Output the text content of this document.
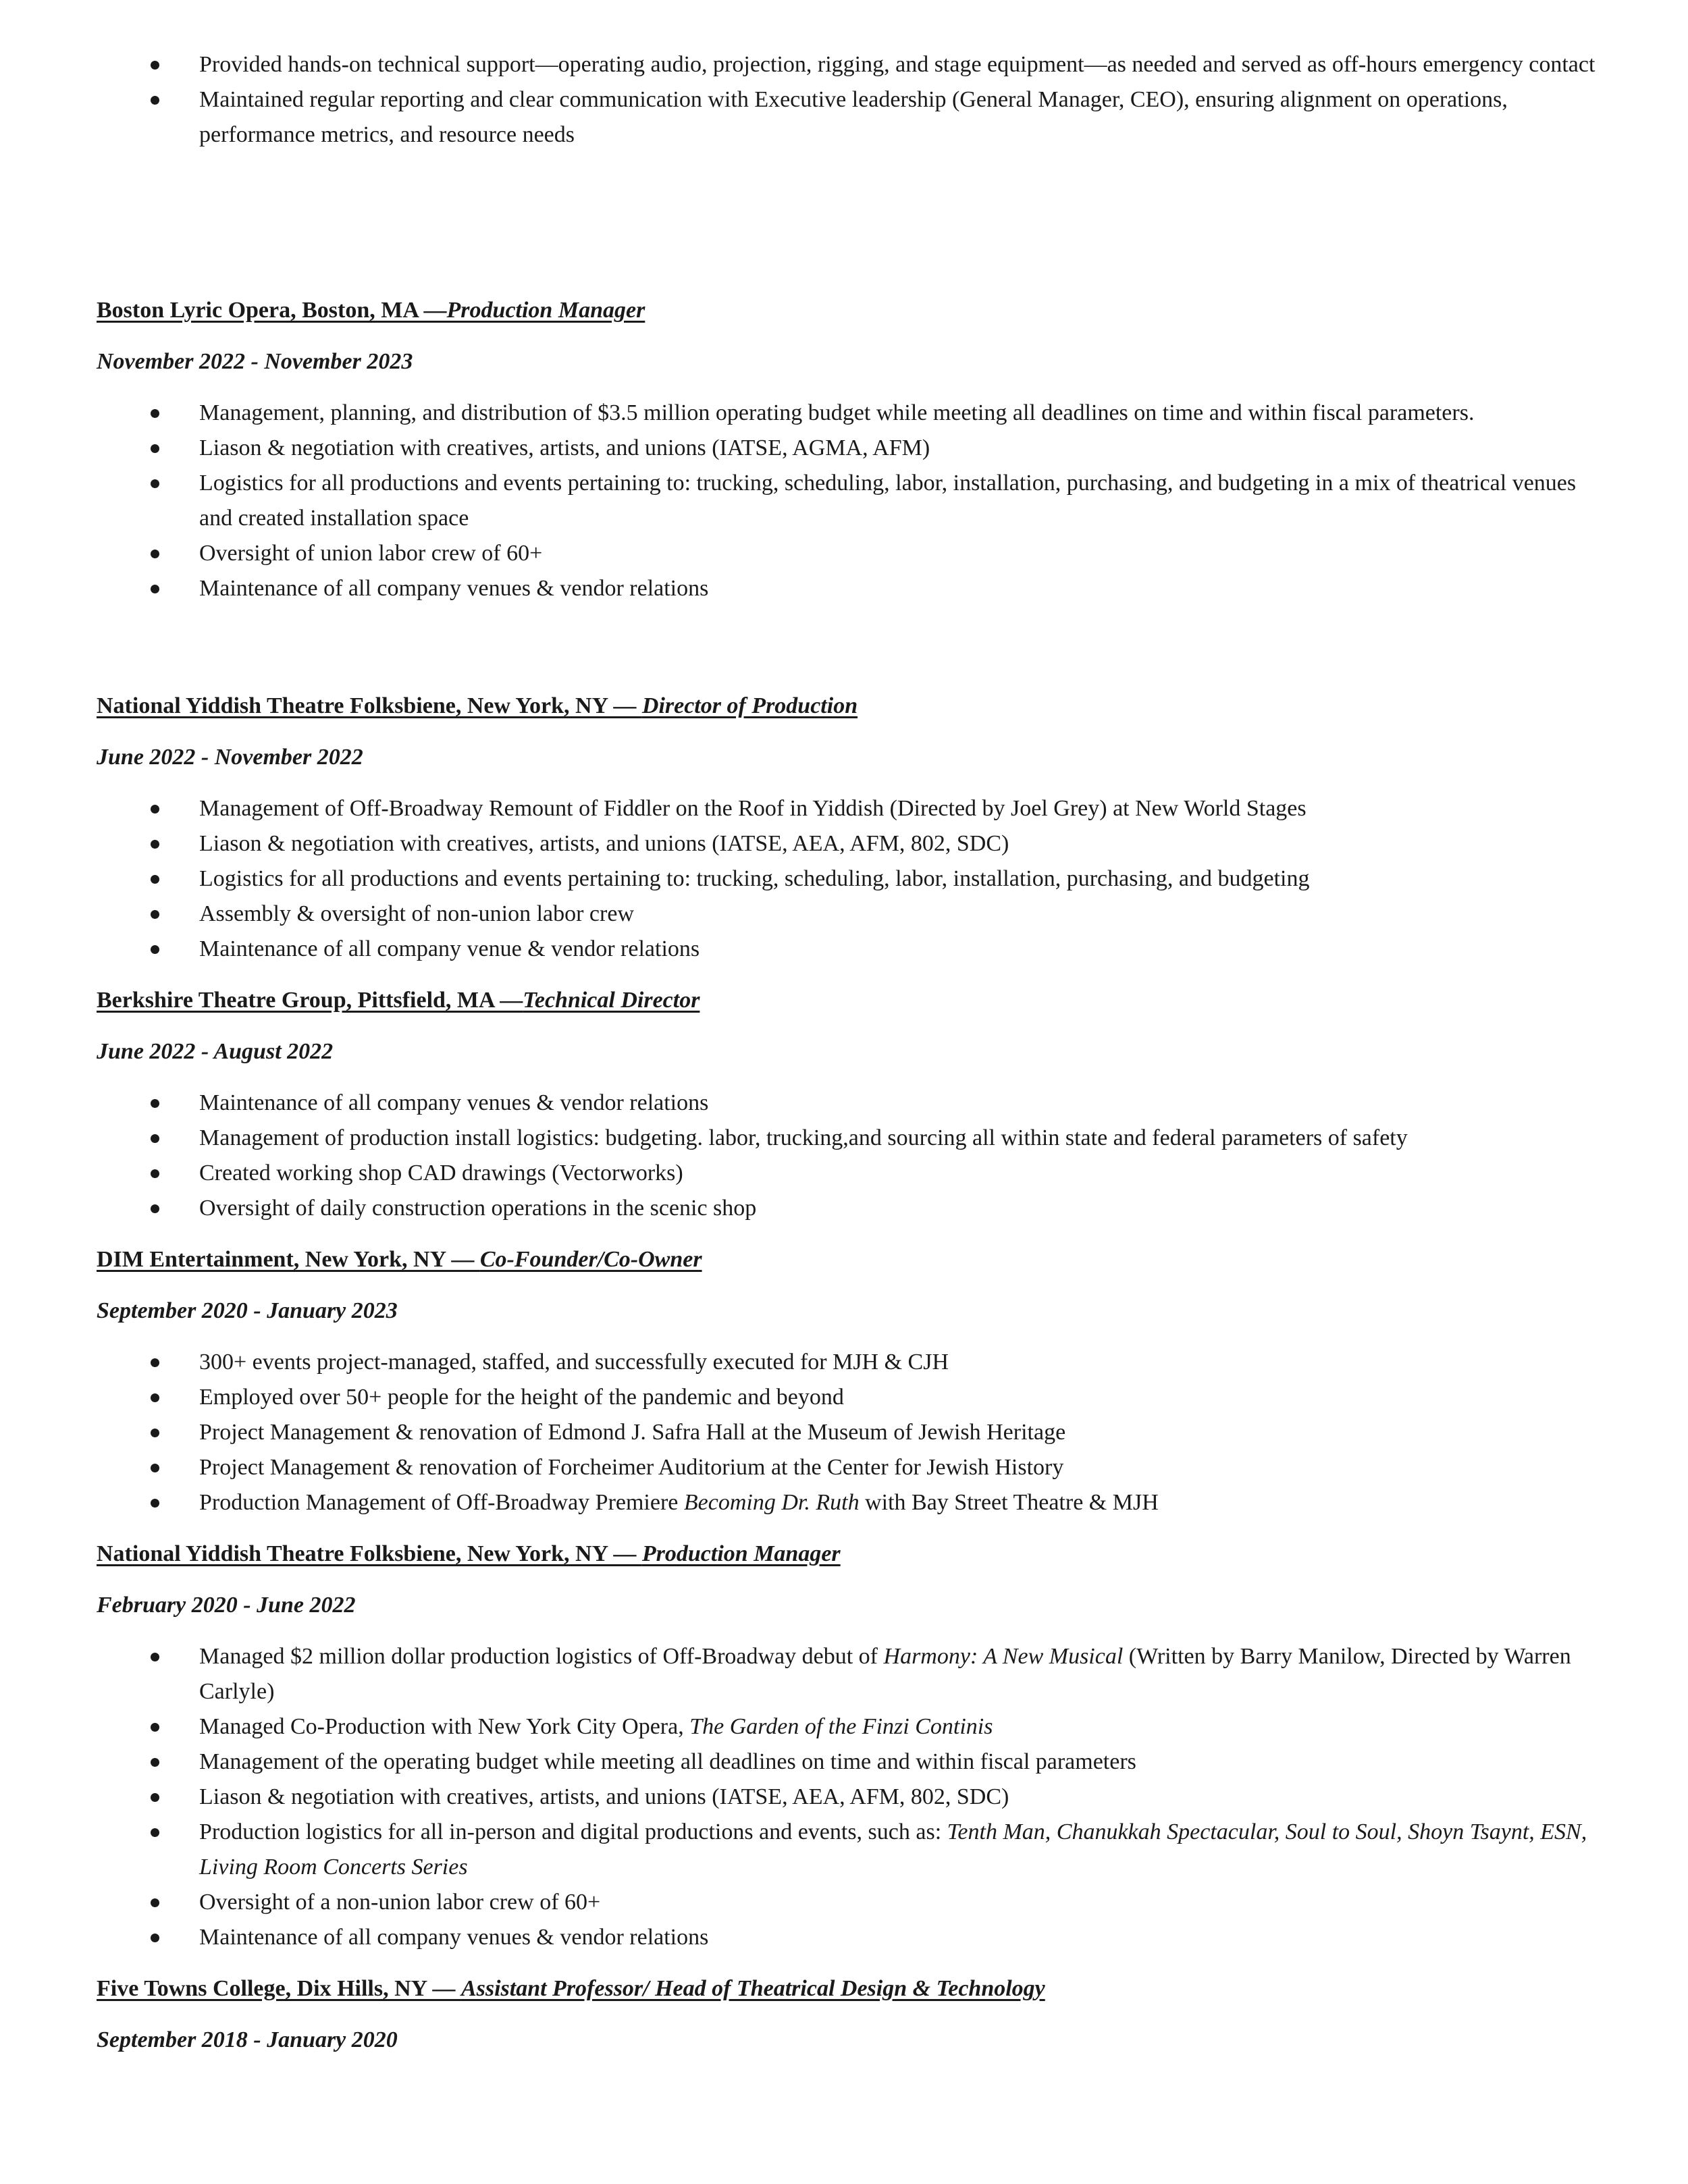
Provided hands-on technical support—operating audio, projection, rigging, and stage equipment—as needed and served as off-hours emergency contact
Maintained regular reporting and clear communication with Executive leadership (General Manager, CEO), ensuring alignment on operations, performance metrics, and resource needs
Boston Lyric Opera, Boston, MA —Production Manager
November 2022 - November 2023
Management, planning, and distribution of $3.5 million operating budget while meeting all deadlines on time and within fiscal parameters.
Liason & negotiation with creatives, artists, and unions (IATSE, AGMA, AFM)
Logistics for all productions and events pertaining to: trucking, scheduling, labor, installation, purchasing, and budgeting in a mix of theatrical venues and created installation space
Oversight of union labor crew of 60+
Maintenance of all company venues & vendor relations
National Yiddish Theatre Folksbiene, New York, NY — Director of Production
June 2022 - November 2022
Management of Off-Broadway Remount of Fiddler on the Roof in Yiddish (Directed by Joel Grey) at New World Stages
Liason & negotiation with creatives, artists, and unions (IATSE, AEA, AFM, 802, SDC)
Logistics for all productions and events pertaining to: trucking, scheduling, labor, installation, purchasing, and budgeting
Assembly & oversight of non-union labor crew
Maintenance of all company venue & vendor relations
Berkshire Theatre Group, Pittsfield, MA —Technical Director
June 2022 - August 2022
Maintenance of all company venues & vendor relations
Management of production install logistics: budgeting. labor, trucking,and sourcing all within state and federal parameters of safety
Created working shop CAD drawings (Vectorworks)
Oversight of daily construction operations in the scenic shop
DIM Entertainment, New York, NY — Co-Founder/Co-Owner
September 2020 - January 2023
300+ events project-managed, staffed, and successfully executed for MJH & CJH
Employed over 50+ people for the height of the pandemic and beyond
Project Management & renovation of Edmond J. Safra Hall at the Museum of Jewish Heritage
Project Management & renovation of Forcheimer Auditorium at the Center for Jewish History
Production Management of Off-Broadway Premiere Becoming Dr. Ruth with Bay Street Theatre & MJH
National Yiddish Theatre Folksbiene, New York, NY — Production Manager
February 2020 - June 2022
Managed $2 million dollar production logistics of Off-Broadway debut of Harmony: A New Musical (Written by Barry Manilow, Directed by Warren Carlyle)
Managed Co-Production with New York City Opera, The Garden of the Finzi Continis
Management of the operating budget while meeting all deadlines on time and within fiscal parameters
Liason & negotiation with creatives, artists, and unions (IATSE, AEA, AFM, 802, SDC)
Production logistics for all in-person and digital productions and events, such as: Tenth Man, Chanukkah Spectacular, Soul to Soul, Shoyn Tsaynt, ESN, Living Room Concerts Series
Oversight of a non-union labor crew of 60+
Maintenance of all company venues & vendor relations
Five Towns College, Dix Hills, NY — Assistant Professor/ Head of Theatrical Design & Technology
September 2018 - January 2020
